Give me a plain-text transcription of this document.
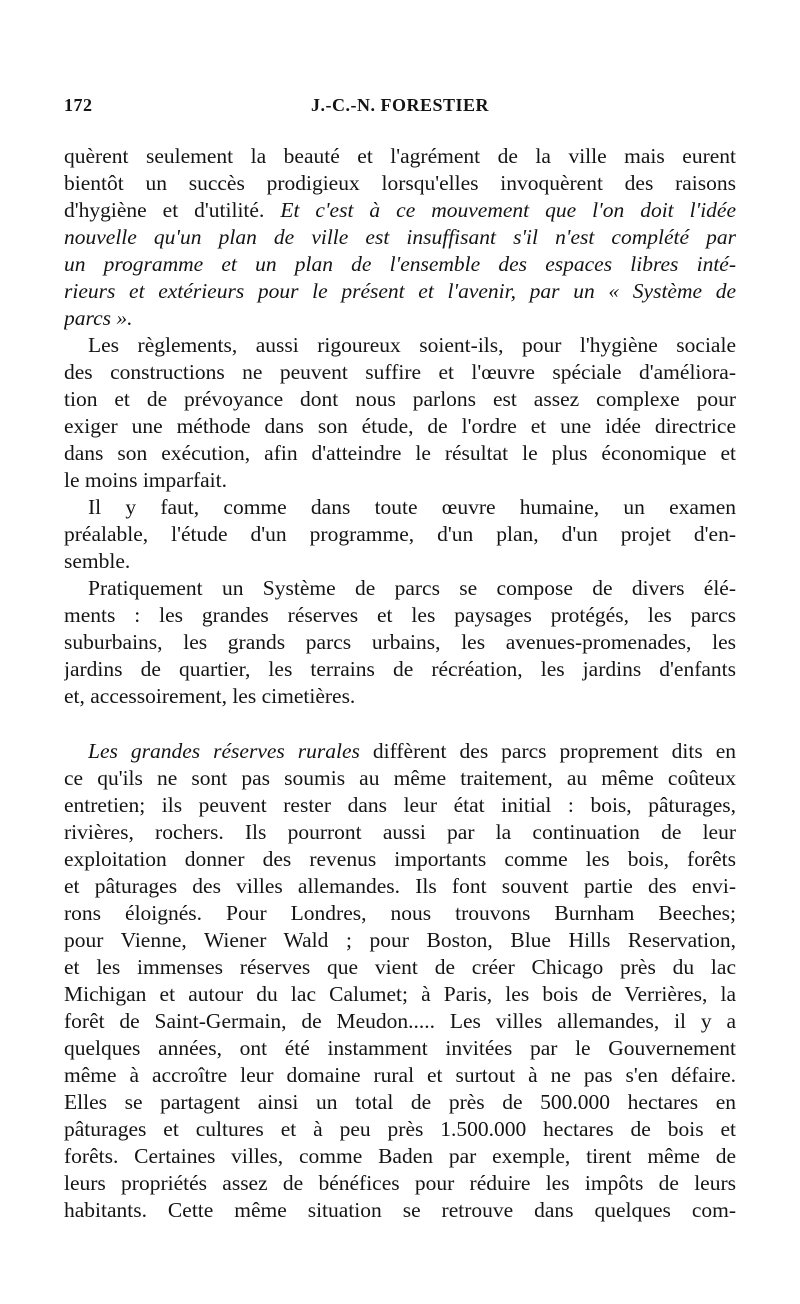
172	J.-C.-N. FORESTIER
quèrent seulement la beauté et l'agrément de la ville mais eurent
bientôt un succès prodigieux lorsqu'elles invoquèrent des raisons
d'hygiène et d'utilité. Et c'est à ce mouvement que l'on doit l'idée
nouvelle qu'un plan de ville est insuffisant s'il n'est complété par
un programme et un plan de l'ensemble des espaces libres inté-
rieurs et extérieurs pour le présent et l'avenir, par un « Système de
parcs ».
Les règlements, aussi rigoureux soient-ils, pour l'hygiène sociale
des constructions ne peuvent suffire et l'œuvre spéciale d'améliora-
tion et de prévoyance dont nous parlons est assez complexe pour
exiger une méthode dans son étude, de l'ordre et une idée directrice
dans son exécution, afin d'atteindre le résultat le plus économique et
le moins imparfait.
Il y faut, comme dans toute œuvre humaine, un examen
préalable, l'étude d'un programme, d'un plan, d'un projet d'en-
semble.
Pratiquement un Système de parcs se compose de divers élé-
ments : les grandes réserves et les paysages protégés, les parcs
suburbains, les grands parcs urbains, les avenues-promenades, les
jardins de quartier, les terrains de récréation, les jardins d'enfants
et, accessoirement, les cimetières.
Les grandes réserves rurales diffèrent des parcs proprement dits en
ce qu'ils ne sont pas soumis au même traitement, au même coûteux
entretien; ils peuvent rester dans leur état initial : bois, pâturages,
rivières, rochers. Ils pourront aussi par la continuation de leur
exploitation donner des revenus importants comme les bois, forêts
et pâturages des villes allemandes. Ils font souvent partie des envi-
rons éloignés. Pour Londres, nous trouvons Burnham Beeches;
pour Vienne, Wiener Wald ; pour Boston, Blue Hills Reservation,
et les immenses réserves que vient de créer Chicago près du lac
Michigan et autour du lac Calumet; à Paris, les bois de Verrières, la
forêt de Saint-Germain, de Meudon..... Les villes allemandes, il y a
quelques années, ont été instamment invitées par le Gouvernement
même à accroître leur domaine rural et surtout à ne pas s'en défaire.
Elles se partagent ainsi un total de près de 500.000 hectares en
pâturages et cultures et à peu près 1.500.000 hectares de bois et
forêts. Certaines villes, comme Baden par exemple, tirent même de
leurs propriétés assez de bénéfices pour réduire les impôts de leurs
habitants. Cette même situation se retrouve dans quelques com-
